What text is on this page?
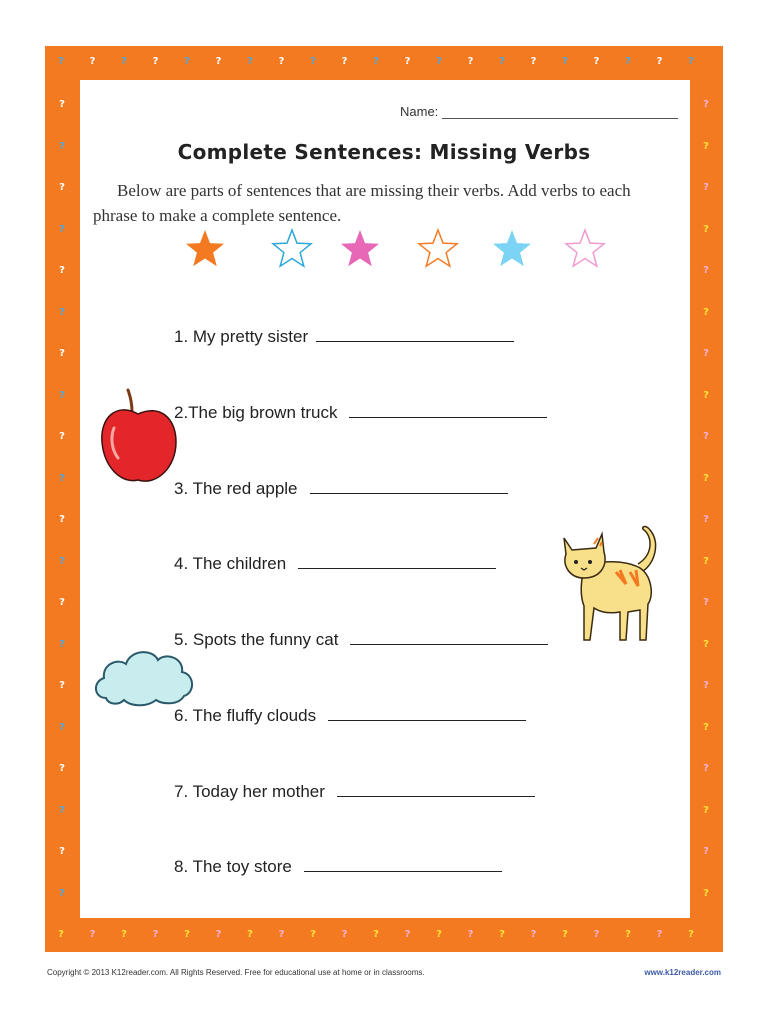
?
?
?
?
?
?
?
?
?
?
?
?
?
?
?
?
?
?
?
?
?
?
?
?
?
?
?
?
?
?
?
?
?
?
?
?
?
?
?
?
?
?
?	?
?	?
?	?
?	?
?	?
?	?
?	?
?	?
?	?
?	?
?	?
?	?
?	?
?	?
?	?
?	?
?	?
?	?
?	?
?	?
Name:
Complete Sentences: Missing Verbs
Below are parts of sentences that are missing their verbs. Add verbs to each phrase to make a complete sentence.
1. My pretty sister
2.The big brown truck
3. The red apple
4. The children
5. Spots the funny cat
6. The fluffy clouds
7. Today her mother
8. The toy store
Copyright © 2013 K12reader.com. All Rights Reserved. Free for educational use at home or in classrooms.	www.k12reader.com
